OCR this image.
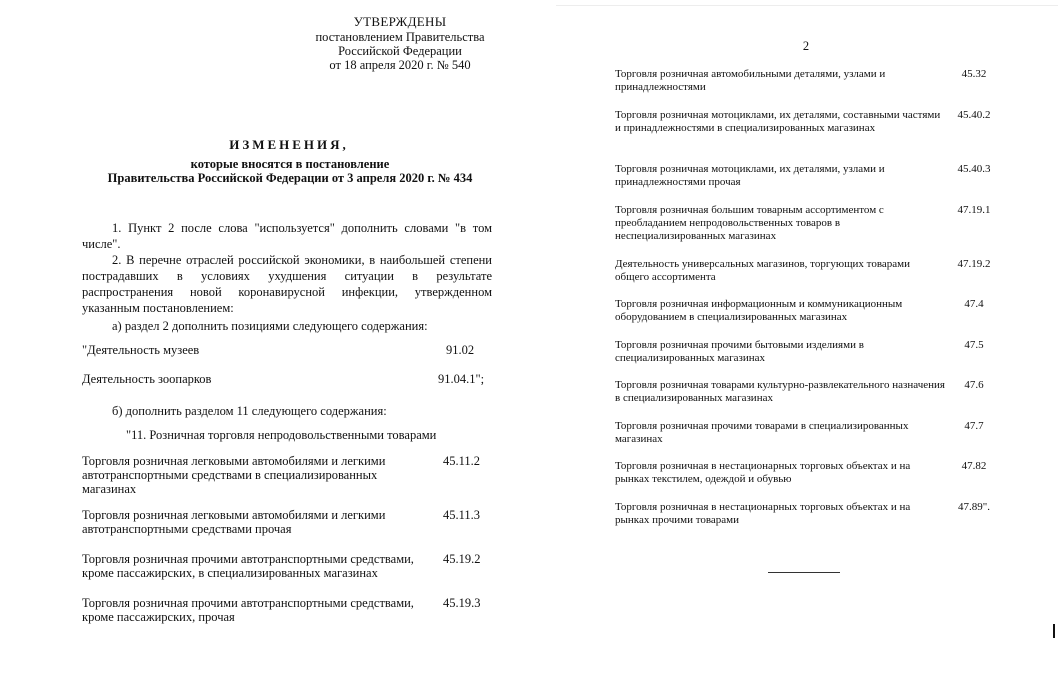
УТВЕРЖДЕНЫ
постановлением Правительства
Российской Федерации
от 18 апреля 2020 г. № 540
ИЗМЕНЕНИЯ,
которые вносятся в постановление
Правительства Российской Федерации от 3 апреля 2020 г. № 434
1. Пункт 2 после слова "используется" дополнить словами "в том числе".
2. В перечне отраслей российской экономики, в наибольшей степени пострадавших в условиях ухудшения ситуации в результате распространения новой коронавирусной инфекции, утвержденном указанным постановлением:
а) раздел 2 дополнить позициями следующего содержания:
"Деятельность музеев	91.02
Деятельность зоопарков	91.04.1";
б) дополнить разделом 11 следующего содержания:
"11. Розничная торговля непродовольственными товарами
Торговля розничная легковыми автомобилями и легкими автотранспортными средствами в специализированных магазинах
45.11.2
Торговля розничная легковыми автомобилями и легкими автотранспортными средствами прочая
45.11.3
Торговля розничная прочими автотранспортными средствами, кроме пассажирских, в специализированных магазинах
45.19.2
Торговля розничная прочими автотранспортными средствами, кроме пассажирских, прочая
45.19.3
2
Торговля розничная автомобильными деталями, узлами и принадлежностями
45.32
Торговля розничная мотоциклами, их деталями, составными частями и принадлежностями в специализированных магазинах
45.40.2
Торговля розничная мотоциклами, их деталями, узлами и принадлежностями прочая
45.40.3
Торговля розничная большим товарным ассортиментом с преобладанием непродовольственных товаров в неспециализированных магазинах
47.19.1
Деятельность универсальных магазинов, торгующих товарами общего ассортимента
47.19.2
Торговля розничная информационным и коммуникационным оборудованием в специализированных магазинах
47.4
Торговля розничная прочими бытовыми изделиями в специализированных магазинах
47.5
Торговля розничная товарами культурно-развлекательного назначения в специализированных магазинах
47.6
Торговля розничная прочими товарами в специализированных магазинах
47.7
Торговля розничная в нестационарных торговых объектах и на рынках текстилем, одеждой и обувью
47.82
Торговля розничная в нестационарных торговых объектах и на рынках прочими товарами
47.89".
